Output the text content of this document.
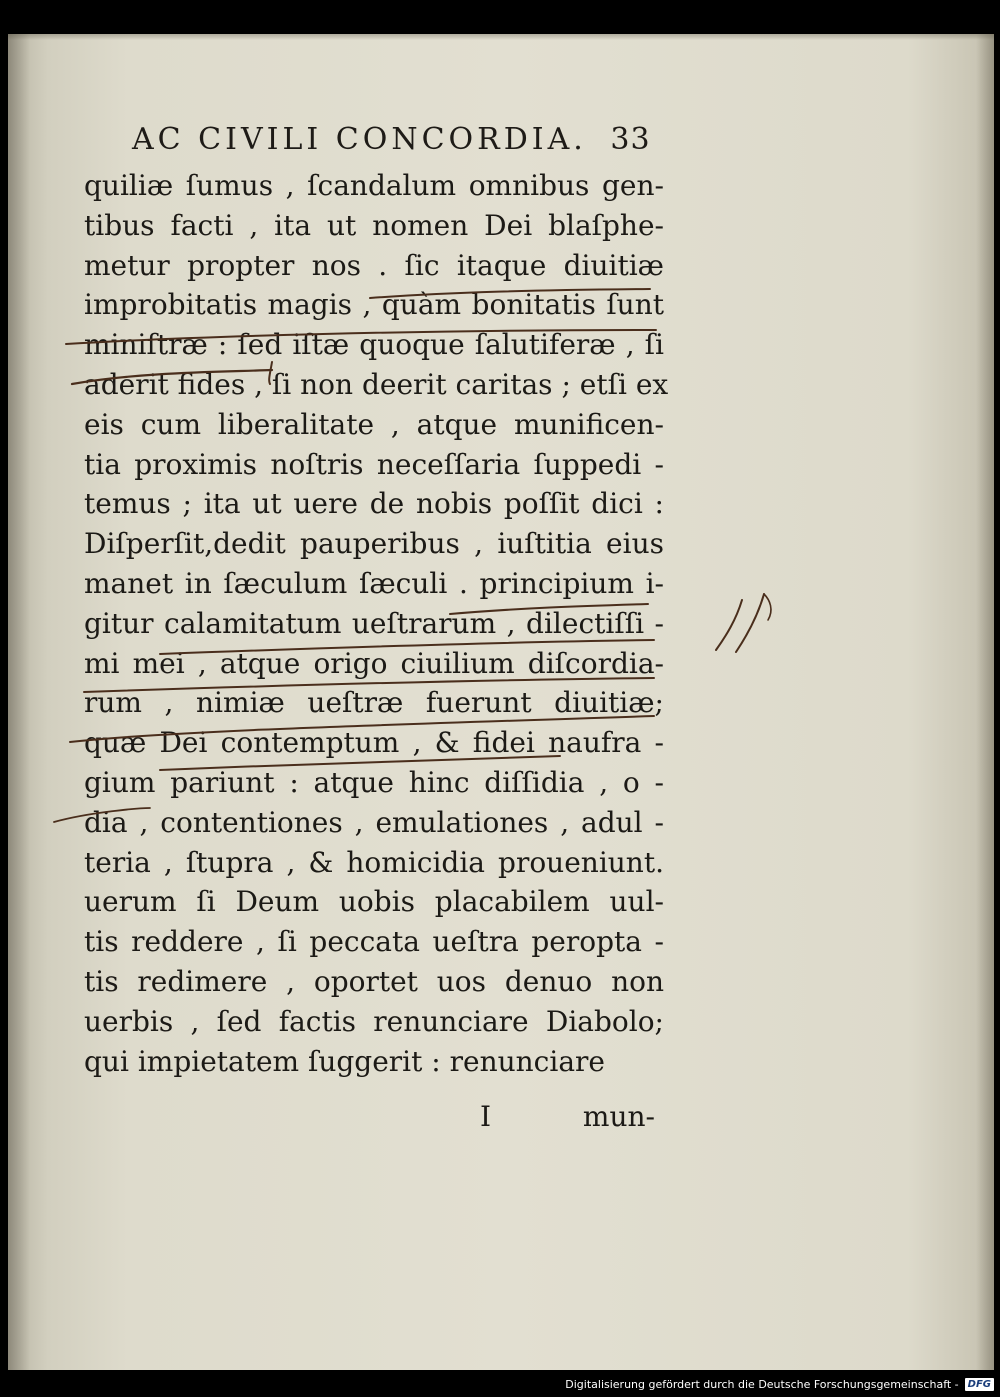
AC CIVILI CONCORDIA. 33
quiliæ ſumus , ſcandalum omnibus gen-
tibus facti , ita ut nomen Dei blaſphe-
metur propter nos . ſic itaque diuitiæ
improbitatis magis , quàm bonitatis ſunt
miniſtræ : ſed iſtæ quoque ſalutiferæ , ſi
aderit fides , ſi non deerit caritas ; etſi ex
eis cum liberalitate , atque munificen-
tia proximis noſtris neceſſaria ſuppedi -
temus ; ita ut uere de nobis poſſit dici :
Diſperſit,dedit pauperibus , iuſtitia eius
manet in ſæculum ſæculi . principium i-
gitur calamitatum ueſtrarum , dilectiſſi -
mi mei , atque origo ciuilium diſcordia-
rum , nimiæ ueſtræ fuerunt diuitiæ;
quæ Dei contemptum , & fidei naufra -
gium pariunt : atque hinc diſſidia , o -
dia , contentiones , emulationes , adul -
teria , ſtupra , & homicidia proueniunt.
uerum ſi Deum uobis placabilem uul-
tis reddere , ſi peccata ueſtra peropta -
tis redimere , oportet uos denuo non
uerbis , ſed factis renunciare Diabolo;
qui impietatem ſuggerit : renunciare
I	mun-
Digitalisierung gefördert durch die Deutsche Forschungsgemeinschaft - DFG
